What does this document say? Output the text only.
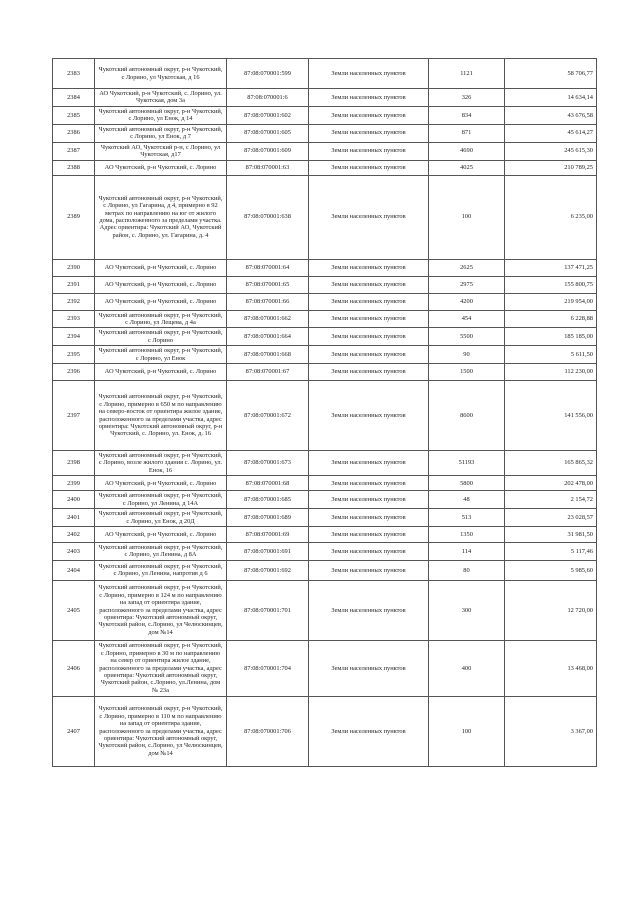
2383	Чукотский автономный округ, р-н Чукотский, с Лорино, ул Чукотская, д 16	87:08:070001:599	Земли населенных пунктов	1121	58 706,77
2384	АО Чукотский, р-н Чукотский, с. Лорино, ул. Чукотская, дом 3а	87:08:070001:6	Земли населенных пунктов	326	14 634,14
2385	Чукотский автономный округ, р-н Чукотский, с Лорино, ул Енок, д 14	87:08:070001:602	Земли населенных пунктов	834	43 676,58
2386	Чукотский автономный округ, р-н Чукотский, с Лорино, ул Енок, д 7	87:08:070001:605	Земли населенных пунктов	871	45 614,27
2387	Чукотский АО, Чукотский р-н, с Лорино, ул Чукотская, д17	87:08:070001:609	Земли населенных пунктов	4690	245 615,30
2388	АО Чукотский, р-н Чукотский, с. Лорино	87:08:070001:63	Земли населенных пунктов	4025	210 789,25
2389	Чукотский автономный округ, р-н Чукотский, с Лорино, ул Гагарина, д 4, примерно в 92 метрах по направлению на юг от жилого дома, расположенного за пределами участка. Адрес ориентира: Чукотский АО, Чукотский район, с. Лорино, ул. Гагарина, д. 4	87:08:070001:638	Земли населенных пунктов	100	6 235,00
2390	АО Чукотский, р-н Чукотский, с. Лорино	87:08:070001:64	Земли населенных пунктов	2625	137 471,25
2391	АО Чукотский, р-н Чукотский, с. Лорино	87:08:070001:65	Земли населенных пунктов	2975	155 800,75
2392	АО Чукотский, р-н Чукотский, с. Лорино	87:08:070001:66	Земли населенных пунктов	4200	219 954,00
2393	Чукотский автономный округ, р-н Чукотский, с Лорино, ул Лещева, д 4а	87:08:070001:662	Земли населенных пунктов	454	6 228,88
2394	Чукотский автономный округ, р-н Чукотский, с Лорино	87:08:070001:664	Земли населенных пунктов	5500	185 185,00
2395	Чукотский автономный округ, р-н Чукотский, с Лорино, ул Енок	87:08:070001:668	Земли населенных пунктов	90	5 611,50
2396	АО Чукотский, р-н Чукотский, с. Лорино	87:08:070001:67	Земли населенных пунктов	1500	112 230,00
2397	Чукотский автономный округ, р-н Чукотский, с Лорино, примерно в 650 м по направлению на северо-восток от ориентира жилое здание, расположенного за пределами участка, адрес ориентира: Чукотский автономный округ, р-н Чукотский, с. Лорино, ул. Енок, д. 16	87:08:070001:672	Земли населенных пунктов	8600	141 556,00
2398	Чукотский автономный округ, р-н Чукотский, с Лорино, возле жилого здания с. Лорино, ул. Енок, 16	87:08:070001:673	Земли населенных пунктов	51193	165 865,32
2399	АО Чукотский, р-н Чукотский, с. Лорино	87:08:070001:68	Земли населенных пунктов	5800	202 478,00
2400	Чукотский автономный округ, р-н Чукотский, с Лорино, ул Ленина, д 14А	87:08:070001:685	Земли населенных пунктов	48	2 154,72
2401	Чукотский автономный округ, р-н Чукотский, с Лорино, ул Енок, д 20Д	87:08:070001:689	Земли населенных пунктов	513	23 028,57
2402	АО Чукотский, р-н Чукотский, с. Лорино	87:08:070001:69	Земли населенных пунктов	1350	31 981,50
2403	Чукотский автономный округ, р-н Чукотский, с Лорино, ул Ленина, д 8А	87:08:070001:691	Земли населенных пунктов	114	5 117,46
2404	Чукотский автономный округ, р-н Чукотский, с Лорино, ул Ленина, напротив д 6	87:08:070001:692	Земли населенных пунктов	80	5 985,60
2405	Чукотский автономный округ, р-н Чукотский, с Лорино, примерно в 124 м по направлению на запад от ориентира здание, расположенного за пределами участка, адрес ориентира: Чукотский автономный округ, Чукотский район, с.Лорино, ул Челюскинцев, дом №14	87:08:070001:701	Земли населенных пунктов	300	12 720,00
2406	Чукотский автономный округ, р-н Чукотский, с Лорино, примерно в 30 м по направлению на север от ориентира жилое здание, расположенного за пределами участка, адрес ориентира: Чукотский автономный округ, Чукотский район, с.Лорино, ул.Ленина, дом № 23а	87:08:070001:704	Земли населенных пунктов	400	13 468,00
2407	Чукотский автономный округ, р-н Чукотский, с Лорино, примерно в 110 м по направлению на запад от ориентира здание, расположенного за пределами участка, адрес ориентира: Чукотский автономный округ, Чукотский район, с.Лорино, ул Челюскинцев, дом №14	87:08:070001:706	Земли населенных пунктов	100	3 367,00
